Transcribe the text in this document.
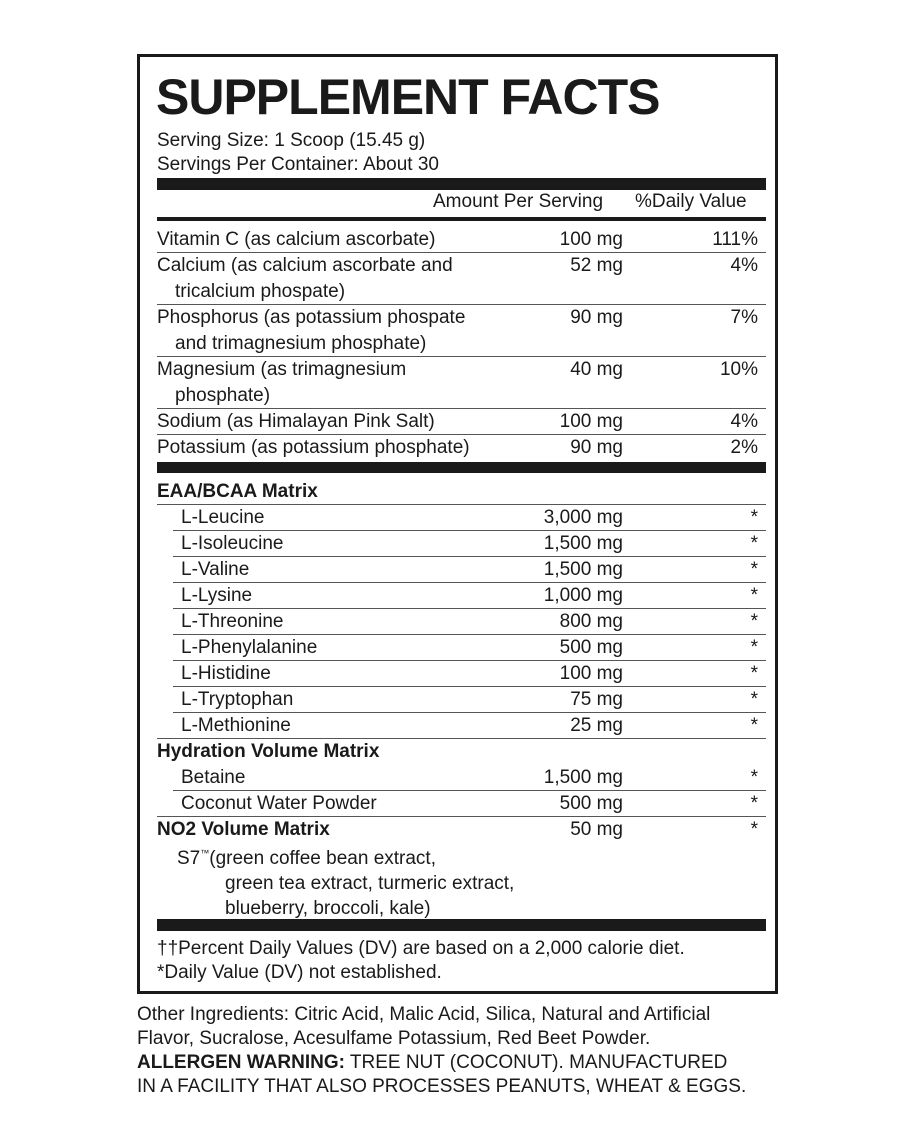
SUPPLEMENT FACTS
Serving Size: 1 Scoop (15.45 g)
Servings Per Container: About 30
Amount Per Serving %Daily Value
Vitamin C (as calcium ascorbate)	100 mg	111%
Calcium (as calcium ascorbate and
tricalcium phospate)
52 mg	4%
Phosphorus (as potassium phospate
and trimagnesium phosphate)
90 mg	7%
Magnesium (as trimagnesium
phosphate)
40 mg	10%
Sodium (as Himalayan Pink Salt)	100 mg	4%
Potassium (as potassium phosphate)	90 mg	2%
EAA/BCAA Matrix
L-Leucine	3,000 mg	*
L-Isoleucine	1,500 mg	*
L-Valine	1,500 mg	*
L-Lysine	1,000 mg	*
L-Threonine	800 mg	*
L-Phenylalanine	500 mg	*
L-Histidine	100 mg	*
L-Tryptophan	75 mg	*
L-Methionine	25 mg	*
Hydration Volume Matrix
Betaine	1,500 mg	*
Coconut Water Powder	500 mg	*
NO2 Volume Matrix	50 mg	*
S7™(green coffee bean extract,
green tea extract, turmeric extract,
blueberry, broccoli, kale)
††Percent Daily Values (DV) are based on a 2,000 calorie diet.
*Daily Value (DV) not established.
Other Ingredients: Citric Acid, Malic Acid, Silica, Natural and Artificial
Flavor, Sucralose, Acesulfame Potassium, Red Beet Powder.
ALLERGEN WARNING: TREE NUT (COCONUT). MANUFACTURED
IN A FACILITY THAT ALSO PROCESSES PEANUTS, WHEAT & EGGS.
